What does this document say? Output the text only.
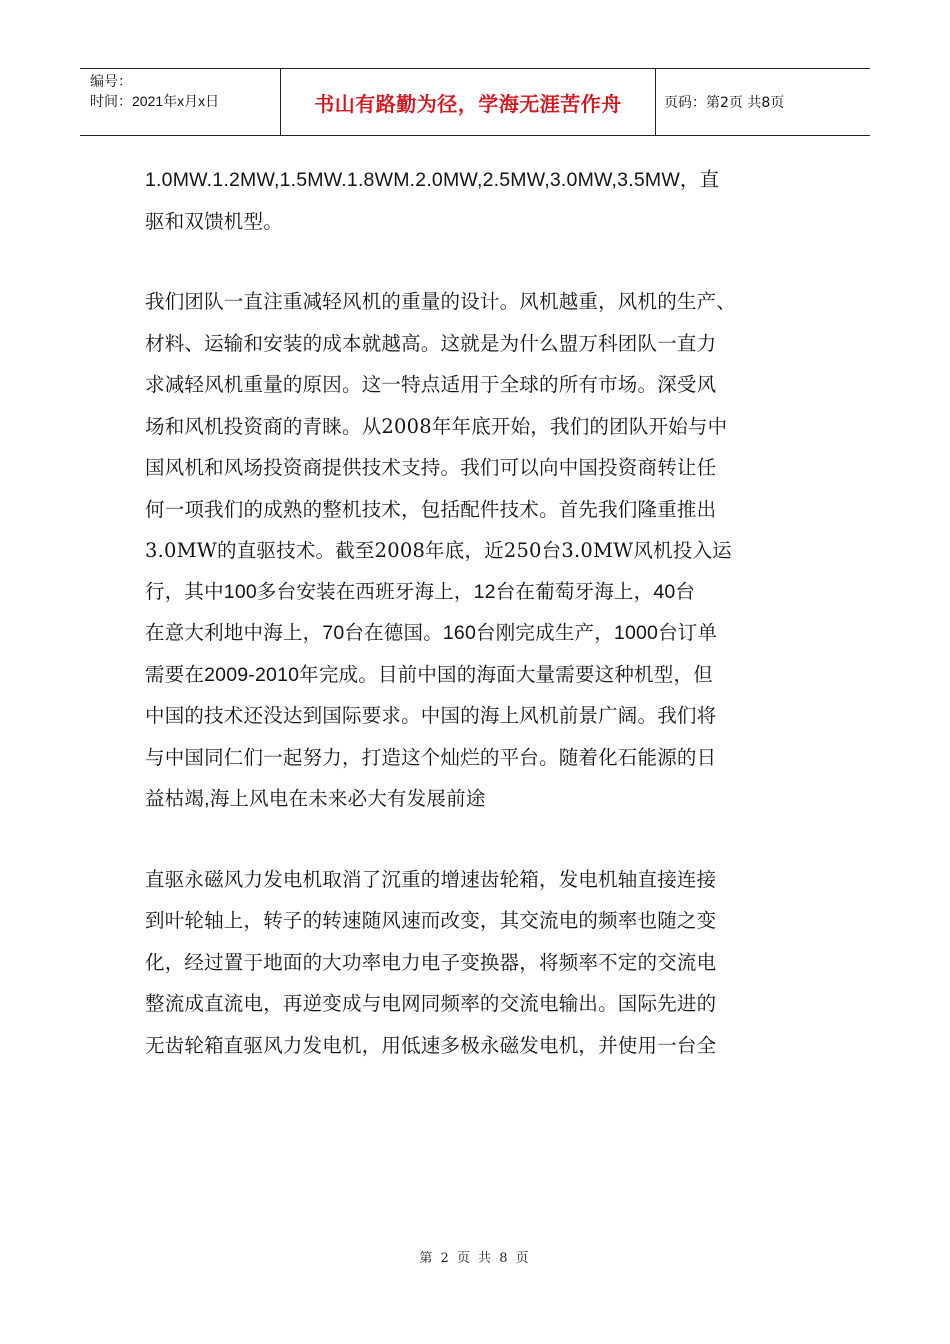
编号：
时间：2021年x月x日	书山有路勤为径，学海无涯苦作舟	页码：第2页 共8页

1.0MW.1.2MW,1.5MW.1.8WM.2.0MW,2.5MW,3.0MW,3.5MW，直
驱和双馈机型。

我们团队一直注重减轻风机的重量的设计。风机越重，风机的生产、
材料、运输和安装的成本就越高。这就是为什么盟万科团队一直力
求减轻风机重量的原因。这一特点适用于全球的所有市场。深受风
场和风机投资商的青睐。从2008年年底开始，我们的团队开始与中
国风机和风场投资商提供技术支持。我们可以向中国投资商转让任
何一项我们的成熟的整机技术，包括配件技术。首先我们隆重推出
3.0MW的直驱技术。截至2008年底，近250台3.0MW风机投入运
行，其中100多台安装在西班牙海上，12台在葡萄牙海上，40台
在意大利地中海上，70台在德国。160台刚完成生产，1000台订单
需要在2009-2010年完成。目前中国的海面大量需要这种机型，但
中国的技术还没达到国际要求。中国的海上风机前景广阔。我们将
与中国同仁们一起努力，打造这个灿烂的平台。随着化石能源的日
益枯竭,海上风电在未来必大有发展前途

直驱永磁风力发电机取消了沉重的增速齿轮箱，发电机轴直接连接
到叶轮轴上，转子的转速随风速而改变，其交流电的频率也随之变
化，经过置于地面的大功率电力电子变换器，将频率不定的交流电
整流成直流电，再逆变成与电网同频率的交流电输出。国际先进的
无齿轮箱直驱风力发电机，用低速多极永磁发电机，并使用一台全

第 2 页 共 8 页
